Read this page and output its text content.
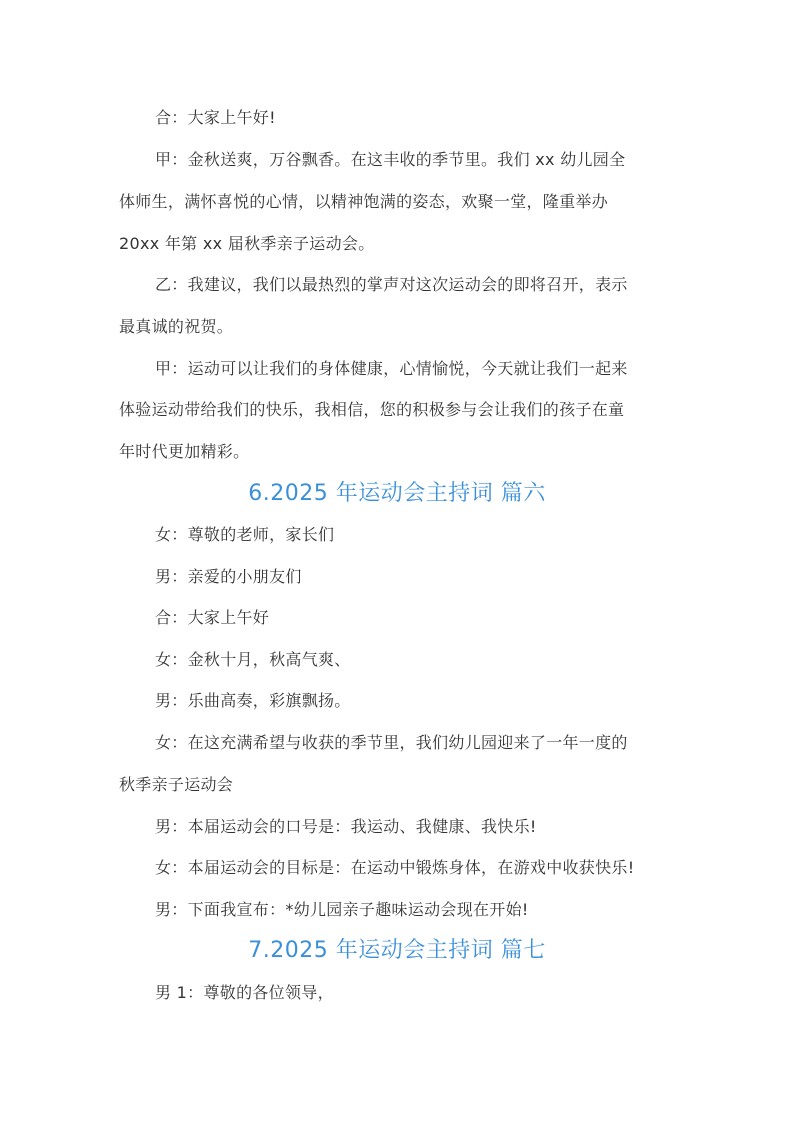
合：大家上午好!
甲：金秋送爽，万谷飘香。在这丰收的季节里。我们 xx 幼儿园全
体师生，满怀喜悦的心情，以精神饱满的姿态，欢聚一堂，隆重举办
20xx 年第 xx 届秋季亲子运动会。
乙：我建议，我们以最热烈的掌声对这次运动会的即将召开，表示
最真诚的祝贺。
甲：运动可以让我们的身体健康，心情愉悦，今天就让我们一起来
体验运动带给我们的快乐，我相信，您的积极参与会让我们的孩子在童
年时代更加精彩。
6.2025 年运动会主持词 篇六
女：尊敬的老师，家长们
男：亲爱的小朋友们
合：大家上午好
女：金秋十月，秋高气爽、
男：乐曲高奏，彩旗飘扬。
女：在这充满希望与收获的季节里，我们幼儿园迎来了一年一度的
秋季亲子运动会
男：本届运动会的口号是：我运动、我健康、我快乐!
女：本届运动会的目标是：在运动中锻炼身体，在游戏中收获快乐!
男：下面我宣布：*幼儿园亲子趣味运动会现在开始!
7.2025 年运动会主持词 篇七
男 1：尊敬的各位领导，
